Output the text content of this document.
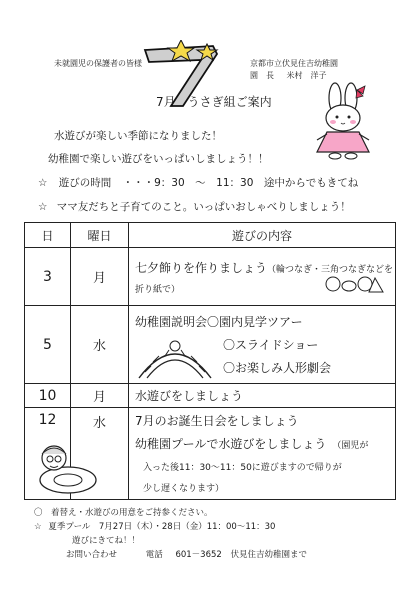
未就園児の保護者の皆様	京都市立伏見住吉幼稚園
園　長 米村　洋子
7月　うさぎ組ご案内
水遊びが楽しい季節になりました！
幼稚園で楽しい遊びをいっぱいしましょう！！
☆ 遊びの時間 ・・・9：30　～　11：30　途中からでもきてね
☆ ママ友だちと子育てのこと。いっぱいおしゃべりしましょう！
日	曜日	遊びの内容
3	月	七夕飾りを作りましょう（輪つなぎ・三角つなぎなどを
折り紙で）

5	水	幼稚園説明会〇園内見学ツアー
〇スライドショー
〇お楽しみ人形劇会

10	月	水遊びをしましょう

12	水	7月のお誕生日会をしましょう
幼稚園プールで水遊びをしましょう （園児が
入った後11：30～11：50に遊びますので帰りが
少し遅くなります）
〇　着替え・水遊びの用意をご持参ください。
☆ 夏季プール　7月27日（木）・28日（金）11：00～11：30
遊びにきてね！！
お問い合わせ	電話 601－3652 伏見住吉幼稚園まで
